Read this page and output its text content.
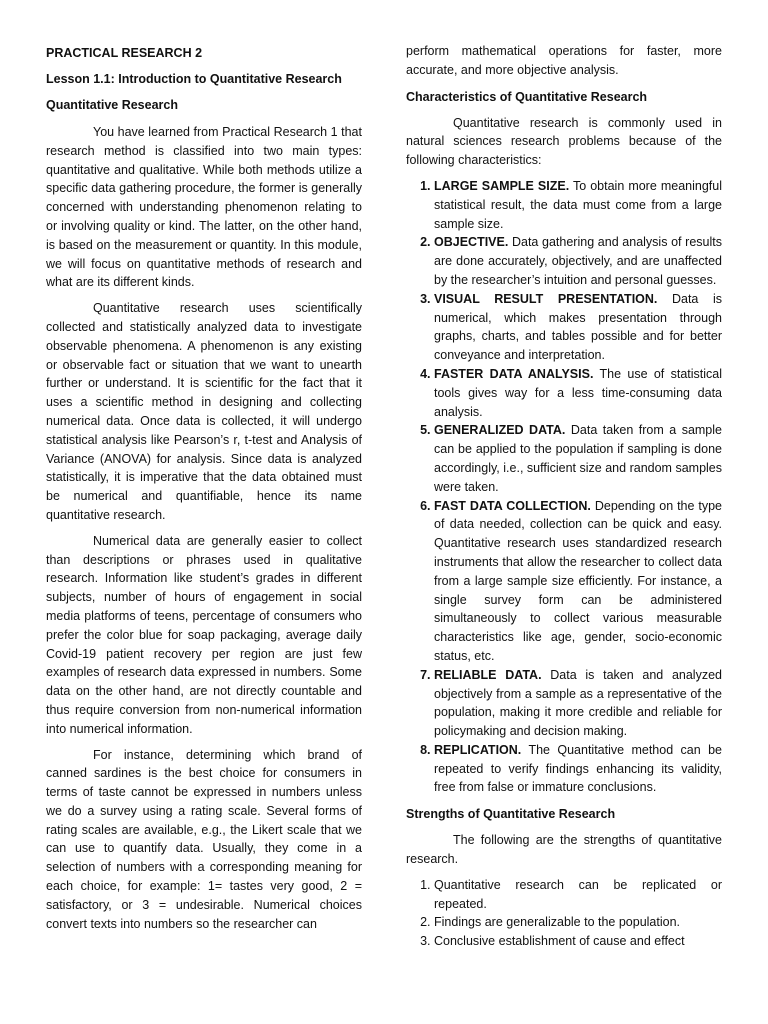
PRACTICAL RESEARCH 2
Lesson 1.1: Introduction to Quantitative Research
Quantitative Research

You have learned from Practical Research 1 that research method is classified into two main types: quantitative and qualitative. While both methods utilize a specific data gathering procedure, the former is generally concerned with understanding phenomenon relating to or involving quality or kind. The latter, on the other hand, is based on the measurement or quantity. In this module, we will focus on quantitative methods of research and what are its different kinds.

Quantitative research uses scientifically collected and statistically analyzed data to investigate observable phenomena. A phenomenon is any existing or observable fact or situation that we want to unearth further or understand. It is scientific for the fact that it uses a scientific method in designing and collecting numerical data. Once data is collected, it will undergo statistical analysis like Pearson’s r, t-test and Analysis of Variance (ANOVA) for analysis. Since data is analyzed statistically, it is imperative that the data obtained must be numerical and quantifiable, hence its name quantitative research.

Numerical data are generally easier to collect than descriptions or phrases used in qualitative research. Information like student’s grades in different subjects, number of hours of engagement in social media platforms of teens, percentage of consumers who prefer the color blue for soap packaging, average daily Covid-19 patient recovery per region are just few examples of research data expressed in numbers. Some data on the other hand, are not directly countable and thus require conversion from non-numerical information into numerical information.

For instance, determining which brand of canned sardines is the best choice for consumers in terms of taste cannot be expressed in numbers unless we do a survey using a rating scale. Several forms of rating scales are available, e.g., the Likert scale that we can use to quantify data. Usually, they come in a selection of numbers with a corresponding meaning for each choice, for example: 1= tastes very good, 2 = satisfactory, or 3 = undesirable. Numerical choices convert texts into numbers so the researcher can

perform mathematical operations for faster, more accurate, and more objective analysis.

Characteristics of Quantitative Research

Quantitative research is commonly used in natural sciences research problems because of the following characteristics:

1. LARGE SAMPLE SIZE. To obtain more meaningful statistical result, the data must come from a large sample size.
2. OBJECTIVE. Data gathering and analysis of results are done accurately, objectively, and are unaffected by the researcher’s intuition and personal guesses.
3. VISUAL RESULT PRESENTATION. Data is numerical, which makes presentation through graphs, charts, and tables possible and for better conveyance and interpretation.
4. FASTER DATA ANALYSIS. The use of statistical tools gives way for a less time-consuming data analysis.
5. GENERALIZED DATA. Data taken from a sample can be applied to the population if sampling is done accordingly, i.e., sufficient size and random samples were taken.
6. FAST DATA COLLECTION. Depending on the type of data needed, collection can be quick and easy. Quantitative research uses standardized research instruments that allow the researcher to collect data from a large sample size efficiently. For instance, a single survey form can be administered simultaneously to collect various measurable characteristics like age, gender, socio-economic status, etc.
7. RELIABLE DATA. Data is taken and analyzed objectively from a sample as a representative of the population, making it more credible and reliable for policymaking and decision making.
8. REPLICATION. The Quantitative method can be repeated to verify findings enhancing its validity, free from false or immature conclusions.
Strengths of Quantitative Research

The following are the strengths of quantitative research.

1. Quantitative research can be replicated or repeated.
2. Findings are generalizable to the population.
3. Conclusive establishment of cause and effect
